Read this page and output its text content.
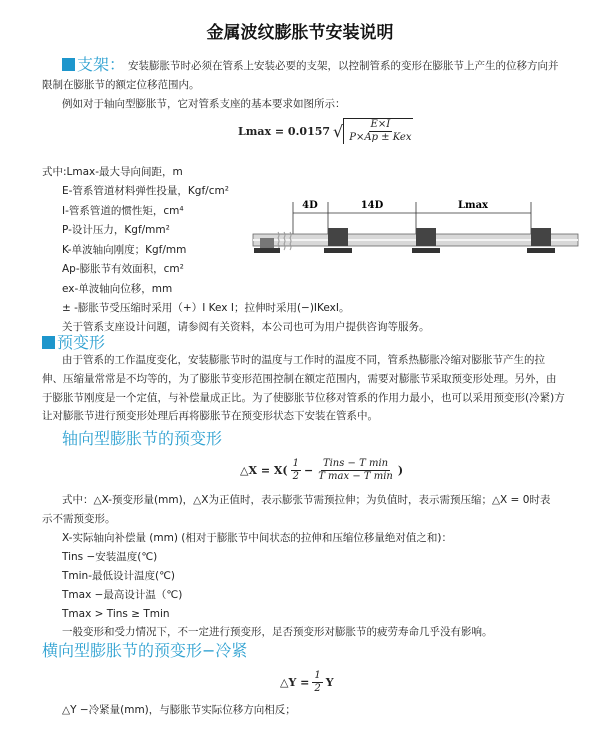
金属波纹膨胀节安装说明
支架： 安装膨胀节时必须在管系上安装必要的支架，以控制管系的变形在膨胀节上产生的位移方向并
限制在膨胀节的额定位移范围内。
例如对于轴向型膨胀节，它对管系支座的基本要求如图所示：
Lmax = 0.0157 √ $\frac{E\times I}{\text{P×Ap ± Kex}}$
式中:Lmax-最大导向间距，m
E-管系管道材料弹性投量，Kgf/cm²
I-管系管道的惯性矩，cm⁴
P-设计压力，Kgf/mm²
K-单波轴向刚度；Kgf/mm
Ap-膨胀节有效面积，cm²
ex-单波轴向位移，mm
± -膨胀节受压缩时采用（+）I Kex I；拉伸时采用(−)IKexI。
关于管系支座设计问题，请参阅有关资料，本公司也可为用户提供咨询等服务。
4D	14D	Lmax
预变形
由于管系的工作温度变化，安装膨胀节时的温度与工作时的温度不同，管系热膨胀冷缩对膨胀节产生的拉
伸、压缩量常常是不均等的，为了膨胀节变形范围控制在额定范围内，需要对膨胀节采取预变形处理。另外，由
于膨胀节刚度是一个定值，与补偿量成正比。为了使膨胀节位移对管系的作用力最小，也可以采用预变形(冷紧)方
让对膨胀节进行预变形处理后再将膨胀节在预变形状态下安装在管系中。
轴向型膨胀节的预变形
△X = $X( \frac{1}{2} - \frac{\text{Tins − T min}}{\text{T max − T min}}$ )
式中：△X-预变形量(mm)，△X为正值时，表示膨张节需预拉伸；为负值时，表示需预压缩；△X = 0时表
示不需预变形。
X-实际轴向补偿量 (mm) (相对于膨胀节中间状态的拉伸和压缩位移量绝对值之和)：
Tins −安装温度(℃)
Tmin-最低设计温度(℃)
Tmax −最高设计温（℃)
Tmax > Tins ≥ Tmin
一般变形和受力情况下，不一定进行预变形，足否预变形对膨胀节的疲劳寿命几乎没有影响。
横向型膨胀节的预变形−冷紧
△Y = $\frac{1}{2}$ Y
△Y −冷紧量(mm)，与膨胀节实际位移方向相反；
